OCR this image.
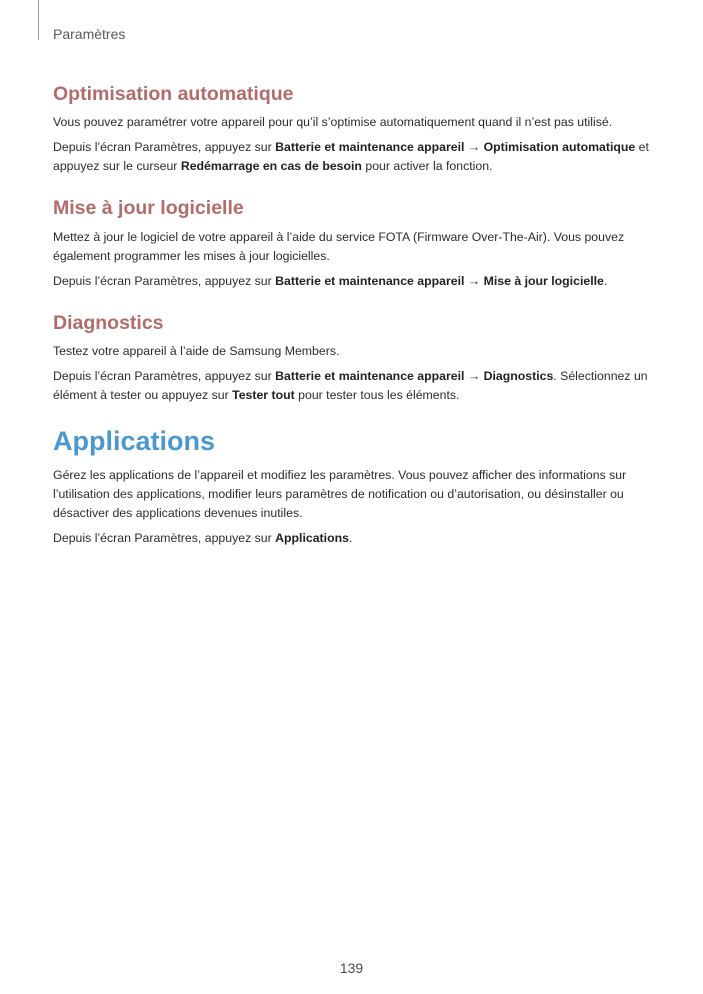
Paramètres
Optimisation automatique

Vous pouvez paramétrer votre appareil pour qu’il s’optimise automatiquement quand il n’est pas utilisé.

Depuis l’écran Paramètres, appuyez sur Batterie et maintenance appareil → Optimisation automatique et appuyez sur le curseur Redémarrage en cas de besoin pour activer la fonction.

Mise à jour logicielle

Mettez à jour le logiciel de votre appareil à l’aide du service FOTA (Firmware Over-The-Air). Vous pouvez également programmer les mises à jour logicielles.

Depuis l’écran Paramètres, appuyez sur Batterie et maintenance appareil → Mise à jour logicielle.

Diagnostics

Testez votre appareil à l’aide de Samsung Members.

Depuis l’écran Paramètres, appuyez sur Batterie et maintenance appareil → Diagnostics. Sélectionnez un élément à tester ou appuyez sur Tester tout pour tester tous les éléments.

Applications

Gérez les applications de l’appareil et modifiez les paramètres. Vous pouvez afficher des informations sur l’utilisation des applications, modifier leurs paramètres de notification ou d’autorisation, ou désinstaller ou désactiver des applications devenues inutiles.

Depuis l’écran Paramètres, appuyez sur Applications.

139
